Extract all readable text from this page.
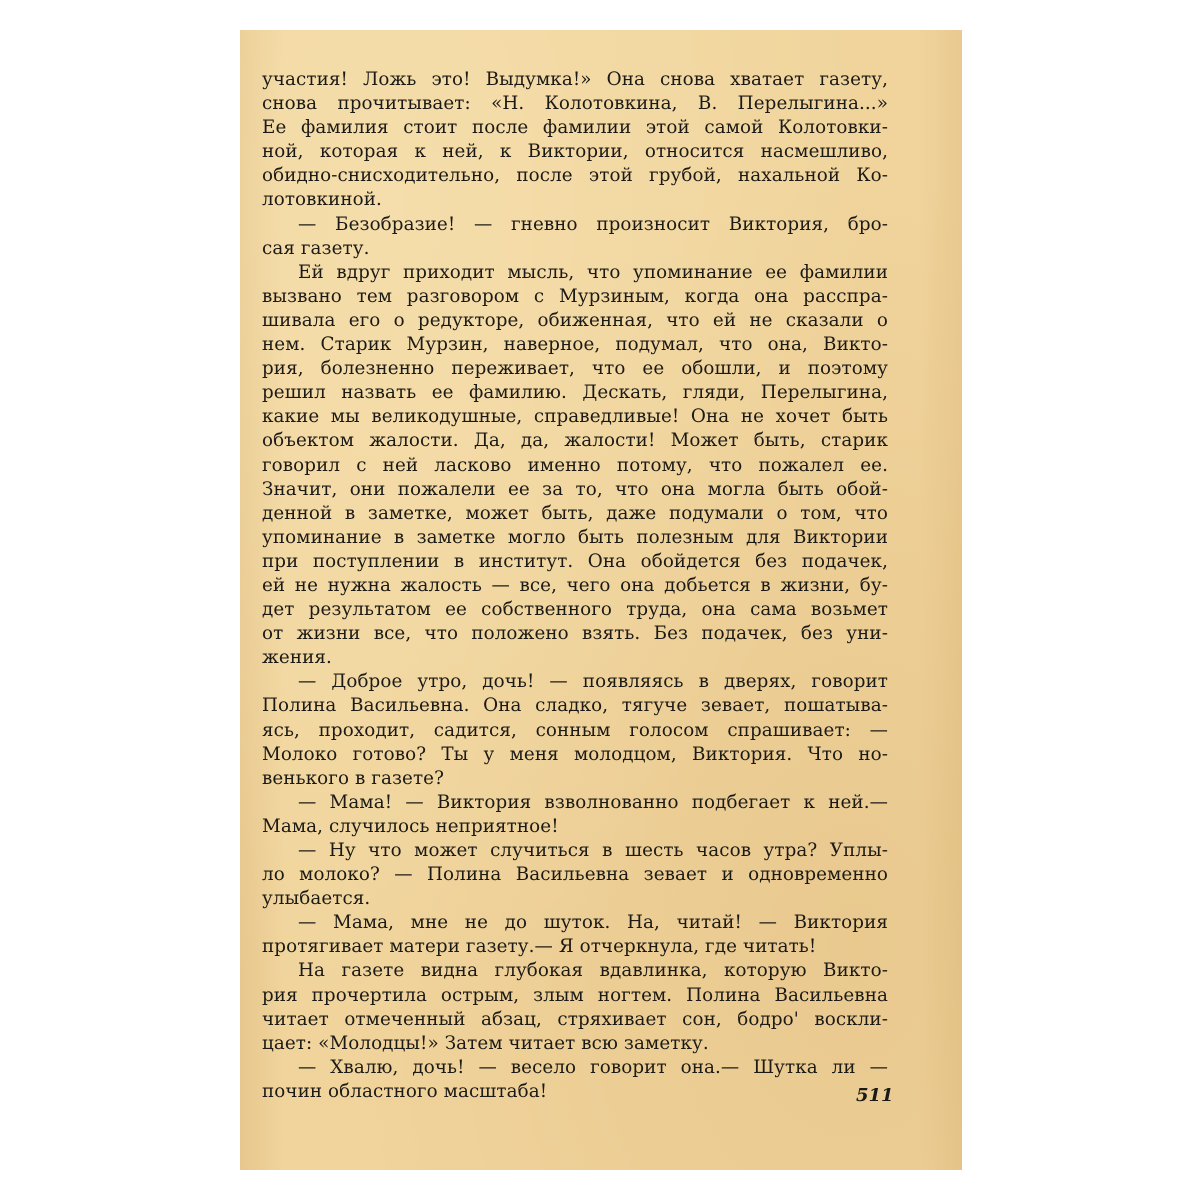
участия! Ложь это! Выдумка!» Она снова хватает газету,
снова прочитывает: «Н. Колотовкина, В. Перелыгина...»
Ее фамилия стоит после фамилии этой самой Колотовки-
ной, которая к ней, к Виктории, относится насмешливо,
обидно-снисходительно, после этой грубой, нахальной Ко-
лотовкиной.
— Безобразие! — гневно произносит Виктория, бро-
сая газету.
Ей вдруг приходит мысль, что упоминание ее фамилии
вызвано тем разговором с Мурзиным, когда она расспра-
шивала его о редукторе, обиженная, что ей не сказали о
нем. Старик Мурзин, наверное, подумал, что она, Викто-
рия, болезненно переживает, что ее обошли, и поэтому
решил назвать ее фамилию. Дескать, гляди, Перелыгина,
какие мы великодушные, справедливые! Она не хочет быть
объектом жалости. Да, да, жалости! Может быть, старик
говорил с ней ласково именно потому, что пожалел ее.
Значит, они пожалели ее за то, что она могла быть обой-
денной в заметке, может быть, даже подумали о том, что
упоминание в заметке могло быть полезным для Виктории
при поступлении в институт. Она обойдется без подачек,
ей не нужна жалость — все, чего она добьется в жизни, бу-
дет результатом ее собственного труда, она сама возьмет
от жизни все, что положено взять. Без подачек, без уни-
жения.
— Доброе утро, дочь! — появляясь в дверях, говорит
Полина Васильевна. Она сладко, тягуче зевает, пошатыва-
ясь, проходит, садится, сонным голосом спрашивает: —
Молоко готово? Ты у меня молодцом, Виктория. Что но-
венького в газете?
— Мама! — Виктория взволнованно подбегает к ней.—
Мама, случилось неприятное!
— Ну что может случиться в шесть часов утра? Уплы-
ло молоко? — Полина Васильевна зевает и одновременно
улыбается.
— Мама, мне не до шуток. На, читай! — Виктория
протягивает матери газету.— Я отчеркнула, где читать!
На газете видна глубокая вдавлинка, которую Викто-
рия прочертила острым, злым ногтем. Полина Васильевна
читает отмеченный абзац, стряхивает сон, бодро' воскли-
цает: «Молодцы!» Затем читает всю заметку.
— Хвалю, дочь! — весело говорит она.— Шутка ли —
почин областного масштаба!	511
